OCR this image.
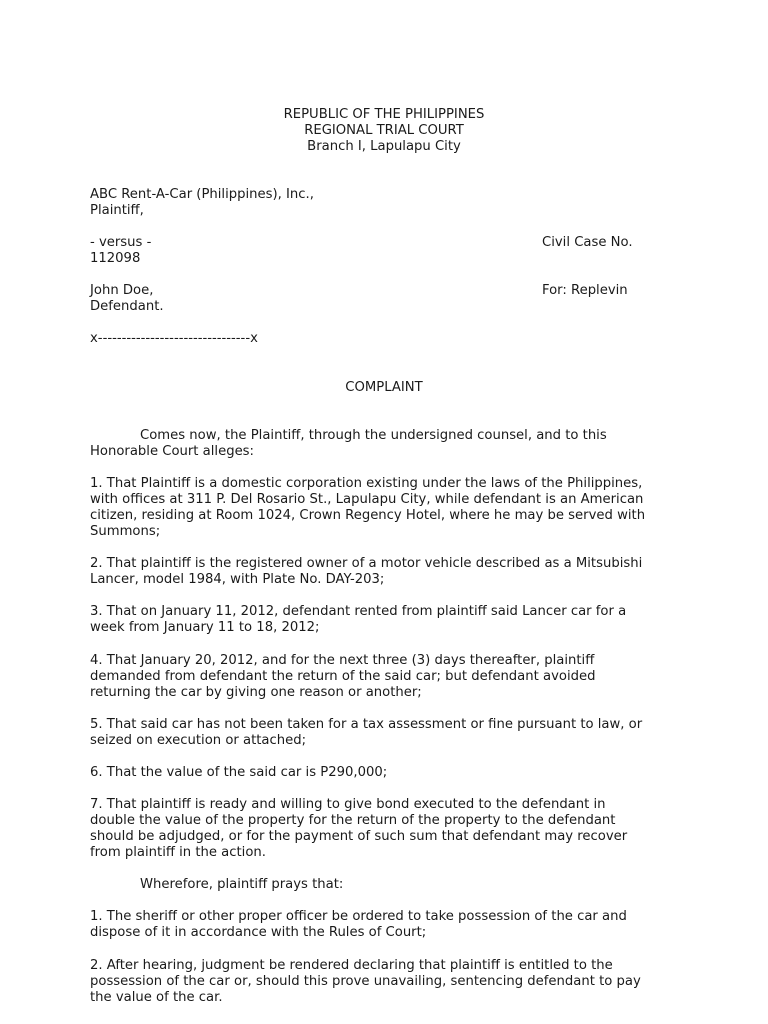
REPUBLIC OF THE PHILIPPINES
REGIONAL TRIAL COURT
Branch I, Lapulapu City
ABC Rent-A-Car (Philippines), Inc.,
Plaintiff,
- versus -	Civil Case No.
112098
John Doe,	For: Replevin
Defendant.
x--------------------------------x
COMPLAINT
Comes now, the Plaintiff, through the undersigned counsel, and to this
Honorable Court alleges:
1. That Plaintiff is a domestic corporation existing under the laws of the Philippines,
with offices at 311 P. Del Rosario St., Lapulapu City, while defendant is an American
citizen, residing at Room 1024, Crown Regency Hotel, where he may be served with
Summons;
2. That plaintiff is the registered owner of a motor vehicle described as a Mitsubishi
Lancer, model 1984, with Plate No. DAY-203;
3. That on January 11, 2012, defendant rented from plaintiff said Lancer car for a
week from January 11 to 18, 2012;
4. That January 20, 2012, and for the next three (3) days thereafter, plaintiff
demanded from defendant the return of the said car; but defendant avoided
returning the car by giving one reason or another;
5. That said car has not been taken for a tax assessment or fine pursuant to law, or
seized on execution or attached;
6. That the value of the said car is P290,000;
7. That plaintiff is ready and willing to give bond executed to the defendant in
double the value of the property for the return of the property to the defendant
should be adjudged, or for the payment of such sum that defendant may recover
from plaintiff in the action.
Wherefore, plaintiff prays that:
1. The sheriff or other proper officer be ordered to take possession of the car and
dispose of it in accordance with the Rules of Court;
2. After hearing, judgment be rendered declaring that plaintiff is entitled to the
possession of the car or, should this prove unavailing, sentencing defendant to pay
the value of the car.
